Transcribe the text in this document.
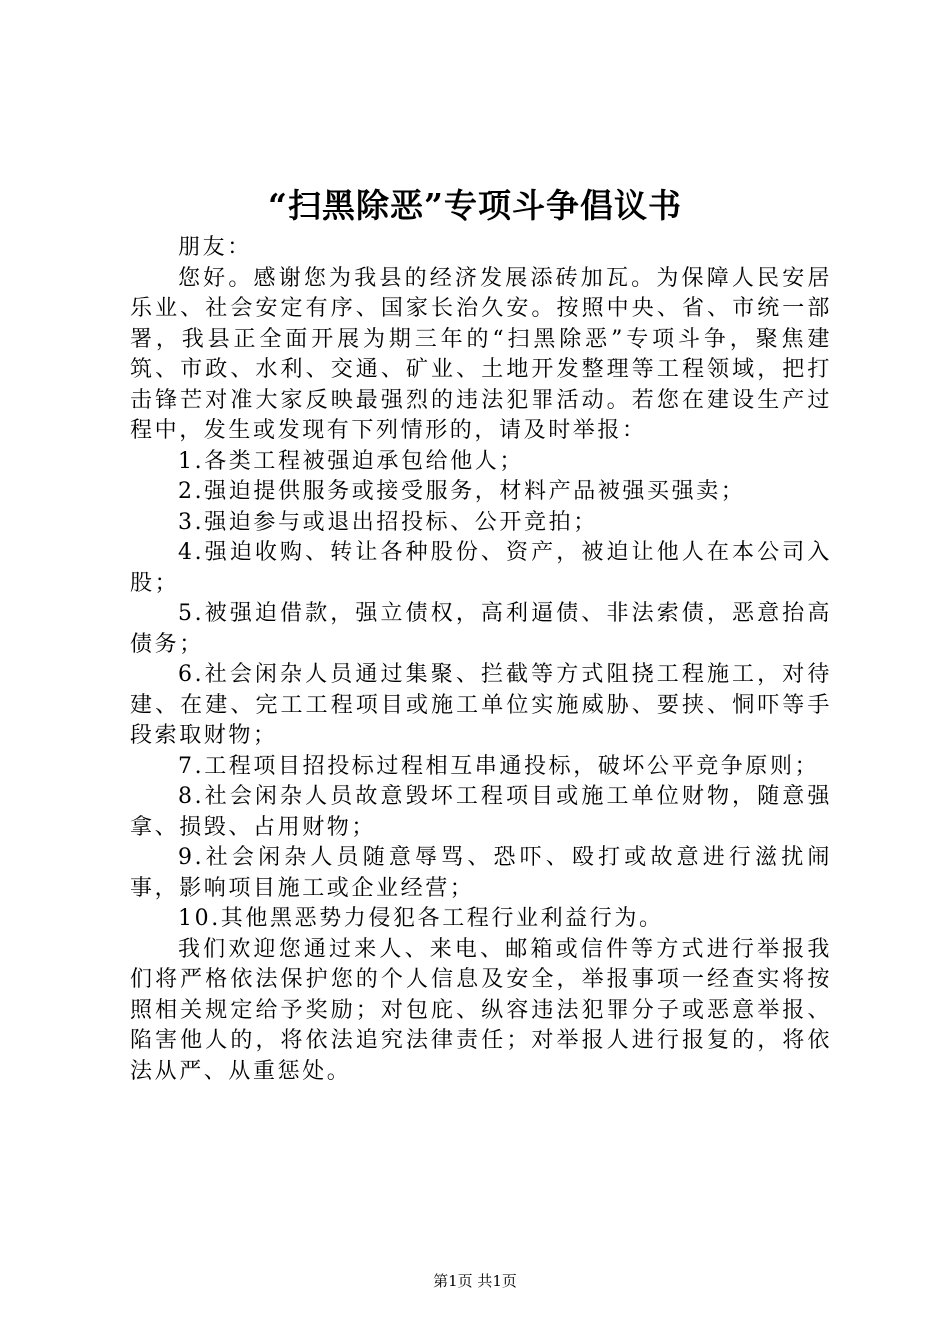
“扫黑除恶”专项斗争倡议书

朋友：

您好。感谢您为我县的经济发展添砖加瓦。为保障人民安居乐业、社会安定有序、国家长治久安。按照中央、省、市统一部署，我县正全面开展为期三年的“扫黑除恶”专项斗争，聚焦建筑、市政、水利、交通、矿业、土地开发整理等工程领域，把打击锋芒对准大家反映最强烈的违法犯罪活动。若您在建设生产过程中，发生或发现有下列情形的，请及时举报：

1.各类工程被强迫承包给他人；

2.强迫提供服务或接受服务，材料产品被强买强卖；

3.强迫参与或退出招投标、公开竞拍；

4.强迫收购、转让各种股份、资产，被迫让他人在本公司入股；

5.被强迫借款，强立债权，高利逼债、非法索债，恶意抬高债务；

6.社会闲杂人员通过集聚、拦截等方式阻挠工程施工，对待建、在建、完工工程项目或施工单位实施威胁、要挟、恫吓等手段索取财物；

7.工程项目招投标过程相互串通投标，破坏公平竞争原则；

8.社会闲杂人员故意毁坏工程项目或施工单位财物，随意强拿、损毁、占用财物；

9.社会闲杂人员随意辱骂、恐吓、殴打或故意进行滋扰闹事，影响项目施工或企业经营；

10.其他黑恶势力侵犯各工程行业利益行为。

我们欢迎您通过来人、来电、邮箱或信件等方式进行举报我们将严格依法保护您的个人信息及安全，举报事项一经查实将按照相关规定给予奖励；对包庇、纵容违法犯罪分子或恶意举报、陷害他人的，将依法追究法律责任；对举报人进行报复的，将依法从严、从重惩处。

第1页 共1页
